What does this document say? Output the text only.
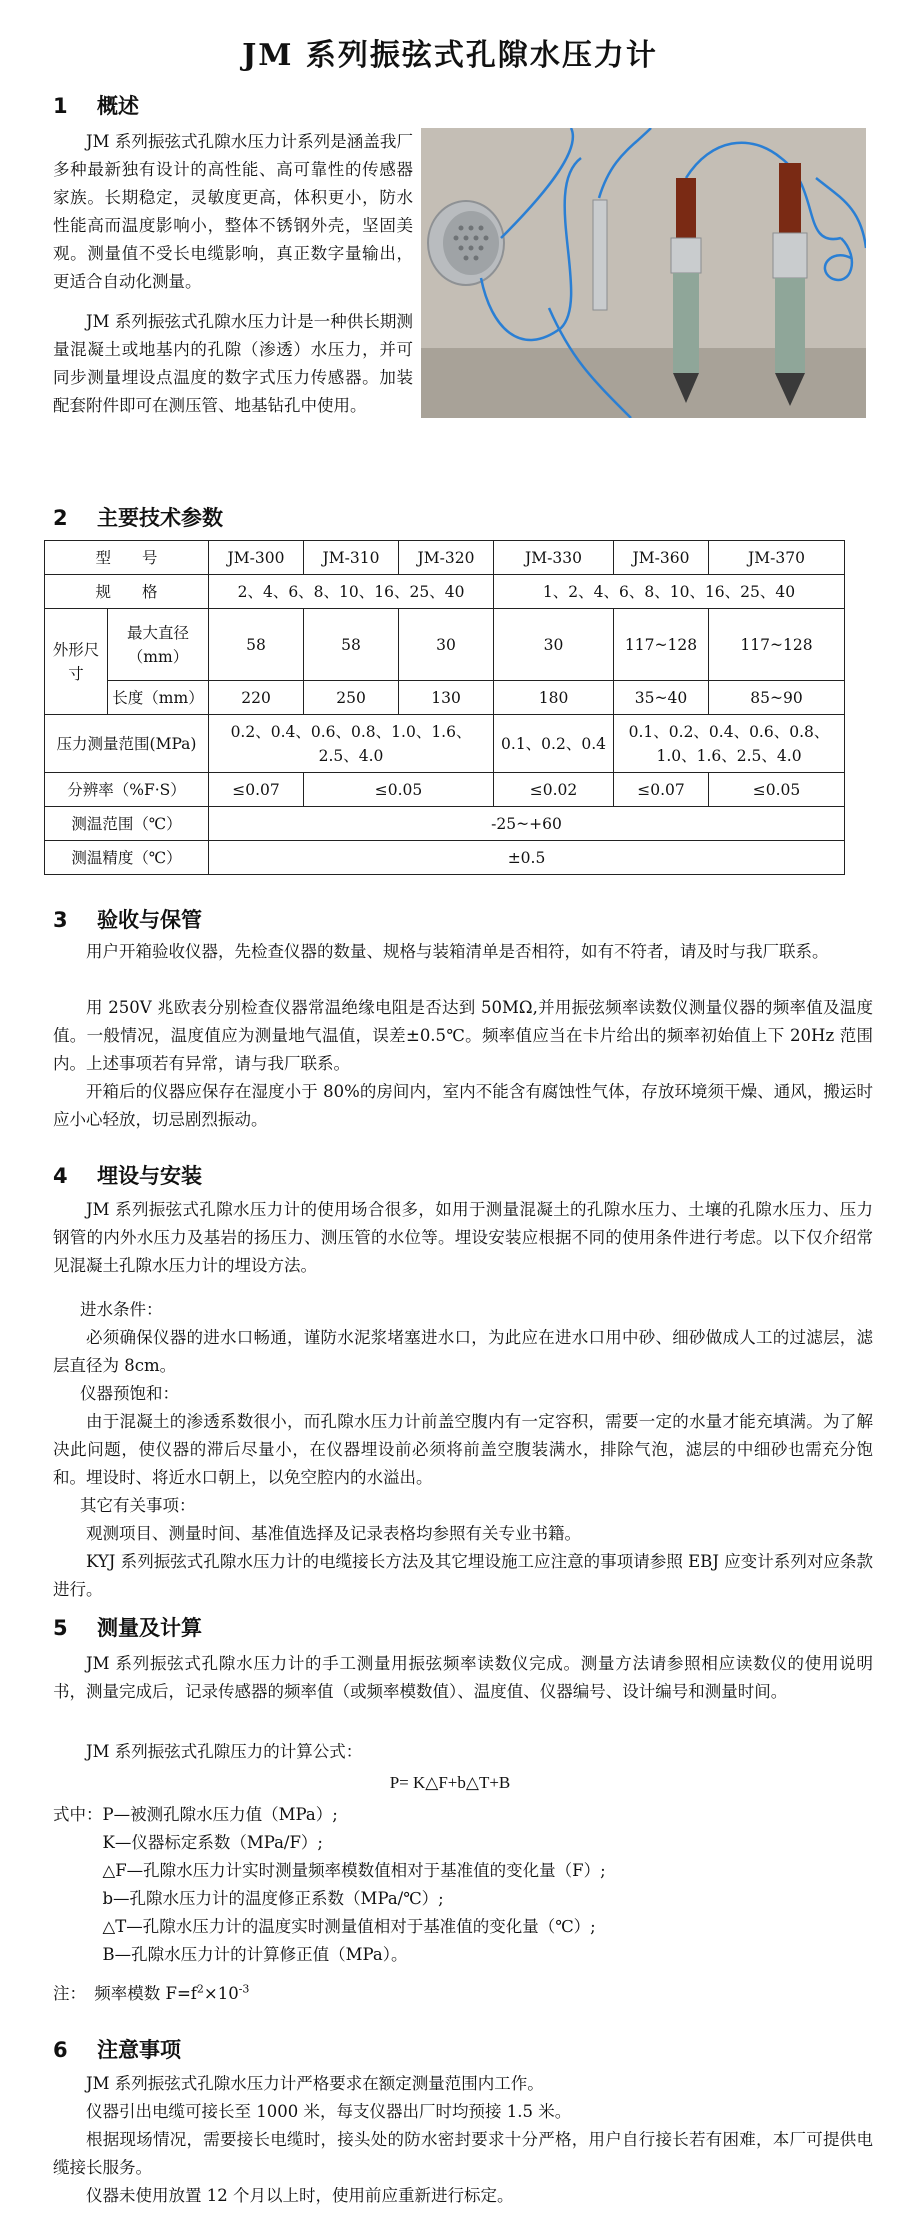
JM 系列振弦式孔隙水压力计
1 概述

JM 系列振弦式孔隙水压力计系列是涵盖我厂多种最新独有设计的高性能、高可靠性的传感器家族。长期稳定，灵敏度更高，体积更小，防水性能高而温度影响小，整体不锈钢外壳，坚固美观。测量值不受长电缆影响，真正数字量输出，更适合自动化测量。

JM 系列振弦式孔隙水压力计是一种供长期测量混凝土或地基内的孔隙（渗透）水压力，并可同步测量埋设点温度的数字式压力传感器。加装配套附件即可在测压管、地基钻孔中使用。

2 主要技术参数
型　　号		JM-300	JM-310	JM-320	JM-330	JM-360	JM-370
规　　格		2、4、6、8、10、16、25、40			1、2、4、6、8、10、16、25、40		
外形尺寸	最大直径（mm）	58	58	30	30	117~128	117~128
	长度（mm）	220	250	130	180	35~40	85~90
压力测量范围(MPa)		0.2、0.4、0.6、0.8、1.0、1.6、2.5、4.0			0.1、0.2、0.4	0.1、0.2、0.4、0.6、0.8、1.0、1.6、2.5、4.0	
分辨率（%F·S）		≤0.07	≤0.05		≤0.02	≤0.07	≤0.05
测温范围（℃）		-25~+60					
测温精度（℃）		±0.5					
3 验收与保管

用户开箱验收仪器，先检查仪器的数量、规格与装箱清单是否相符，如有不符者，请及时与我厂联系。

用 250V 兆欧表分别检查仪器常温绝缘电阻是否达到 50MΩ,并用振弦频率读数仪测量仪器的频率值及温度值。一般情况，温度值应为测量地气温值，误差±0.5℃。频率值应当在卡片给出的频率初始值上下 20Hz 范围内。上述事项若有异常，请与我厂联系。

开箱后的仪器应保存在湿度小于 80%的房间内，室内不能含有腐蚀性气体，存放环境须干燥、通风，搬运时应小心轻放，切忌剧烈振动。

4 埋设与安装

JM 系列振弦式孔隙水压力计的使用场合很多，如用于测量混凝土的孔隙水压力、土壤的孔隙水压力、压力钢管的内外水压力及基岩的扬压力、测压管的水位等。埋设安装应根据不同的使用条件进行考虑。以下仅介绍常见混凝土孔隙水压力计的埋设方法。

进水条件：

必须确保仪器的进水口畅通，谨防水泥浆堵塞进水口，为此应在进水口用中砂、细砂做成人工的过滤层，滤层直径为 8cm。

仪器预饱和：

由于混凝土的渗透系数很小，而孔隙水压力计前盖空腹内有一定容积，需要一定的水量才能充填满。为了解决此问题，使仪器的滞后尽量小，在仪器埋设前必须将前盖空腹装满水，排除气泡，滤层的中细砂也需充分饱和。埋设时、将近水口朝上，以免空腔内的水溢出。

其它有关事项：

观测项目、测量时间、基准值选择及记录表格均参照有关专业书籍。

KYJ 系列振弦式孔隙水压力计的电缆接长方法及其它埋设施工应注意的事项请参照 EBJ 应变计系列对应条款进行。

5 测量及计算

JM 系列振弦式孔隙水压力计的手工测量用振弦频率读数仪完成。测量方法请参照相应读数仪的使用说明书，测量完成后，记录传感器的频率值（或频率模数值）、温度值、仪器编号、设计编号和测量时间。

JM 系列振弦式孔隙压力的计算公式：

P= K△F+b△T+B
式中：P—被测孔隙水压力值（MPa）;
　　　K—仪器标定系数（MPa/F）;
　　　△F—孔隙水压力计实时测量频率模数值相对于基准值的变化量（F）;
　　　b—孔隙水压力计的温度修正系数（MPa/℃）;
　　　△T—孔隙水压力计的温度实时测量值相对于基准值的变化量（℃）;
　　　B—孔隙水压力计的计算修正值（MPa）。
注：　频率模数 $F=f^2\times 10^{-3}$
6 注意事项

JM 系列振弦式孔隙水压力计严格要求在额定测量范围内工作。

仪器引出电缆可接长至 1000 米，每支仪器出厂时均预接 1.5 米。

根据现场情况，需要接长电缆时，接头处的防水密封要求十分严格，用户自行接长若有困难，本厂可提供电缆接长服务。

仪器未使用放置 12 个月以上时，使用前应重新进行标定。
